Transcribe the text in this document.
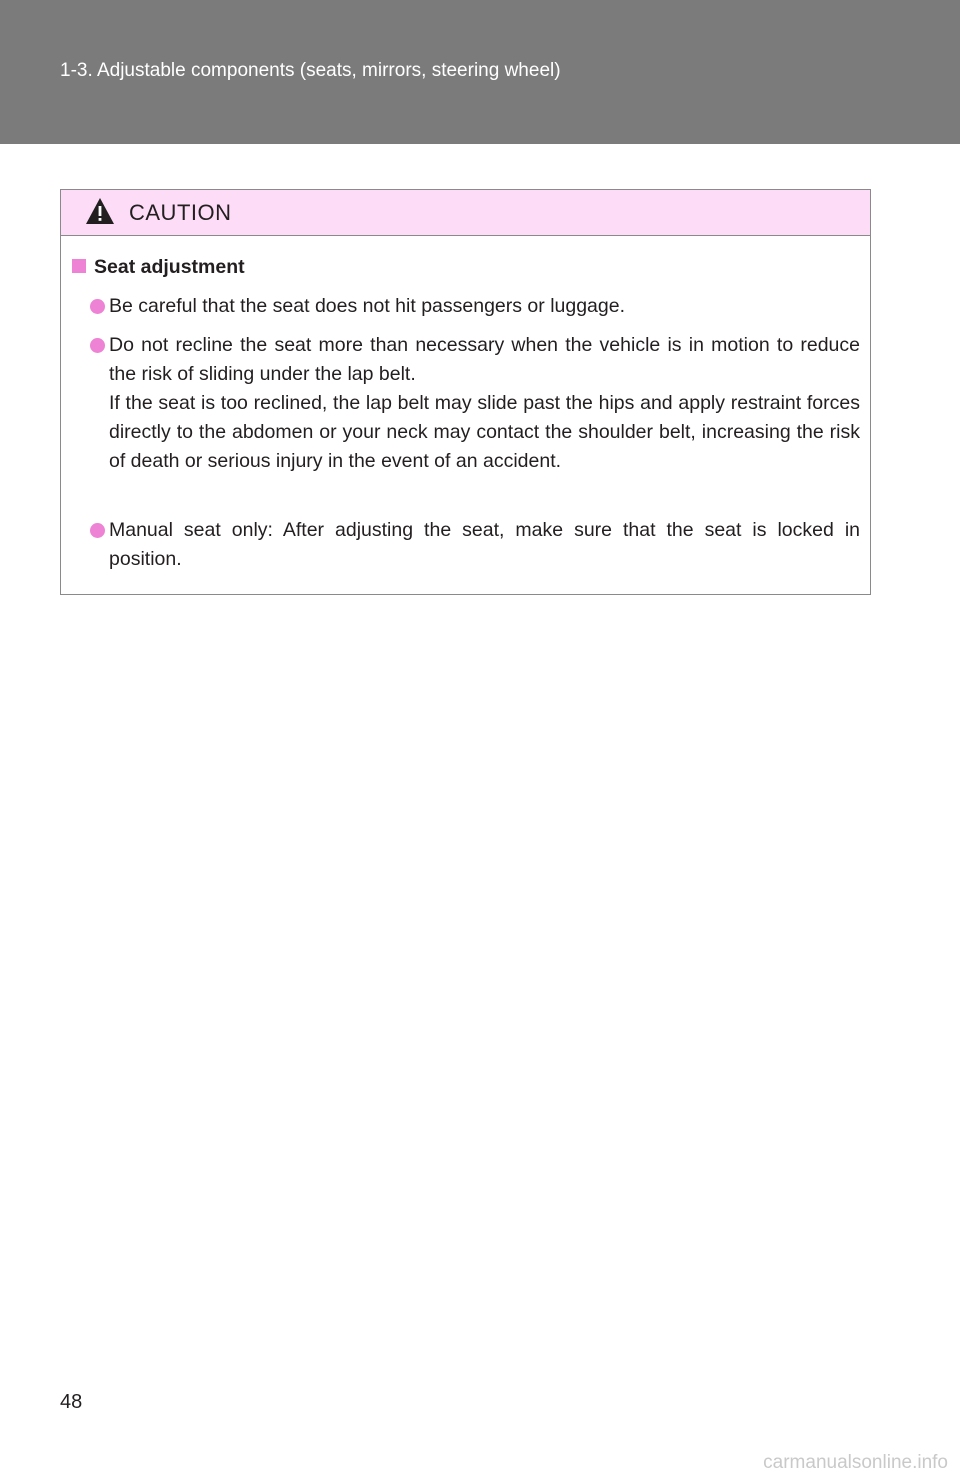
1-3. Adjustable components (seats, mirrors, steering wheel)
CAUTION
Seat adjustment
Be careful that the seat does not hit passengers or luggage.
Do not recline the seat more than necessary when the vehicle is in motion to reduce the risk of sliding under the lap belt.
If the seat is too reclined, the lap belt may slide past the hips and apply restraint forces directly to the abdomen or your neck may contact the shoulder belt, increasing the risk of death or serious injury in the event of an accident.
Manual seat only: After adjusting the seat, make sure that the seat is locked in position.
48
carmanualsonline.info
